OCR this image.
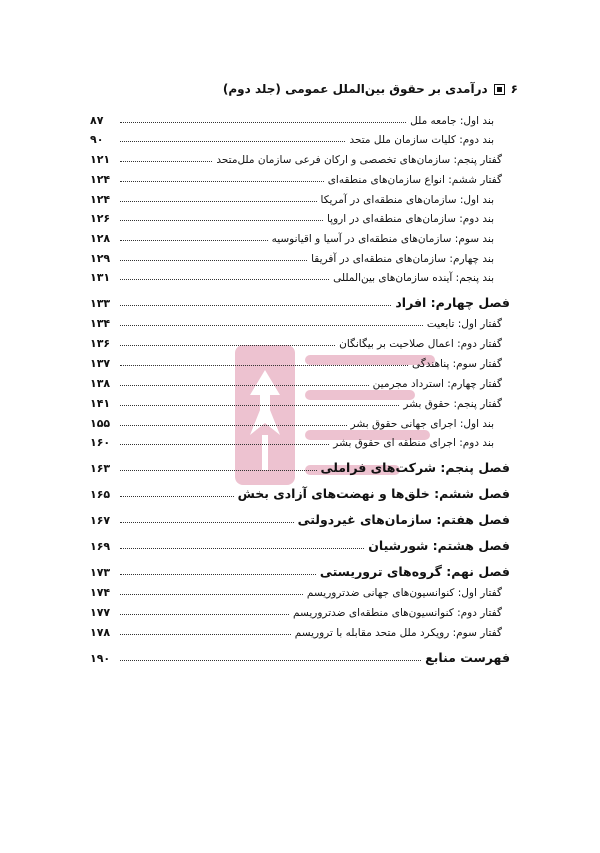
۶درآمدی بر حقوق بین‌الملل عمومی (جلد دوم)
بند اول: جامعه ملل
۸۷
بند دوم: کلیات سازمان ملل متحد
۹۰
گفتار پنجم: سازمان‌های تخصصی و ارکان فرعی سازمان ملل‌متحد
۱۲۱
گفتار ششم: انواع سازمان‌های منطقه‌ای
۱۲۴
بند اول: سازمان‌های منطقه‌ای در آمریکا
۱۲۴
بند دوم: سازمان‌های منطقه‌ای در اروپا
۱۲۶
بند سوم: سازمان‌های منطقه‌ای در آسیا و اقیانوسیه
۱۲۸
بند چهارم: سازمان‌های منطقه‌ای در آفریقا
۱۲۹
بند پنجم: آینده سازمان‌های بین‌المللی
۱۳۱
فصل چهارم: افراد
۱۳۳
گفتار اول: تابعیت
۱۳۴
گفتار دوم: اعمال صلاحیت بر بیگانگان
۱۳۶
گفتار سوم: پناهندگی
۱۳۷
گفتار چهارم: استرداد مجرمین
۱۳۸
گفتار پنجم: حقوق بشر
۱۴۱
بند اول: اجرای جهانی حقوق بشر
۱۵۵
بند دوم: اجرای منطقه ای حقوق بشر
۱۶۰
فصل پنجم: شرکت‌های فراملی
۱۶۳
فصل ششم: خلق‌ها و نهضت‌های آزادی بخش
۱۶۵
فصل هفتم: سازمان‌های غیردولتی
۱۶۷
فصل هشتم: شورشیان
۱۶۹
فصل نهم: گروه‌های تروریستی
۱۷۳
گفتار اول: کنوانسیون‌های جهانی ضدتروریسم
۱۷۴
گفتار دوم: کنوانسیون‌های منطقه‌ای ضدتروریسم
۱۷۷
گفتار سوم: رویکرد ملل متحد مقابله با تروریسم
۱۷۸
فهرست منابع
۱۹۰
